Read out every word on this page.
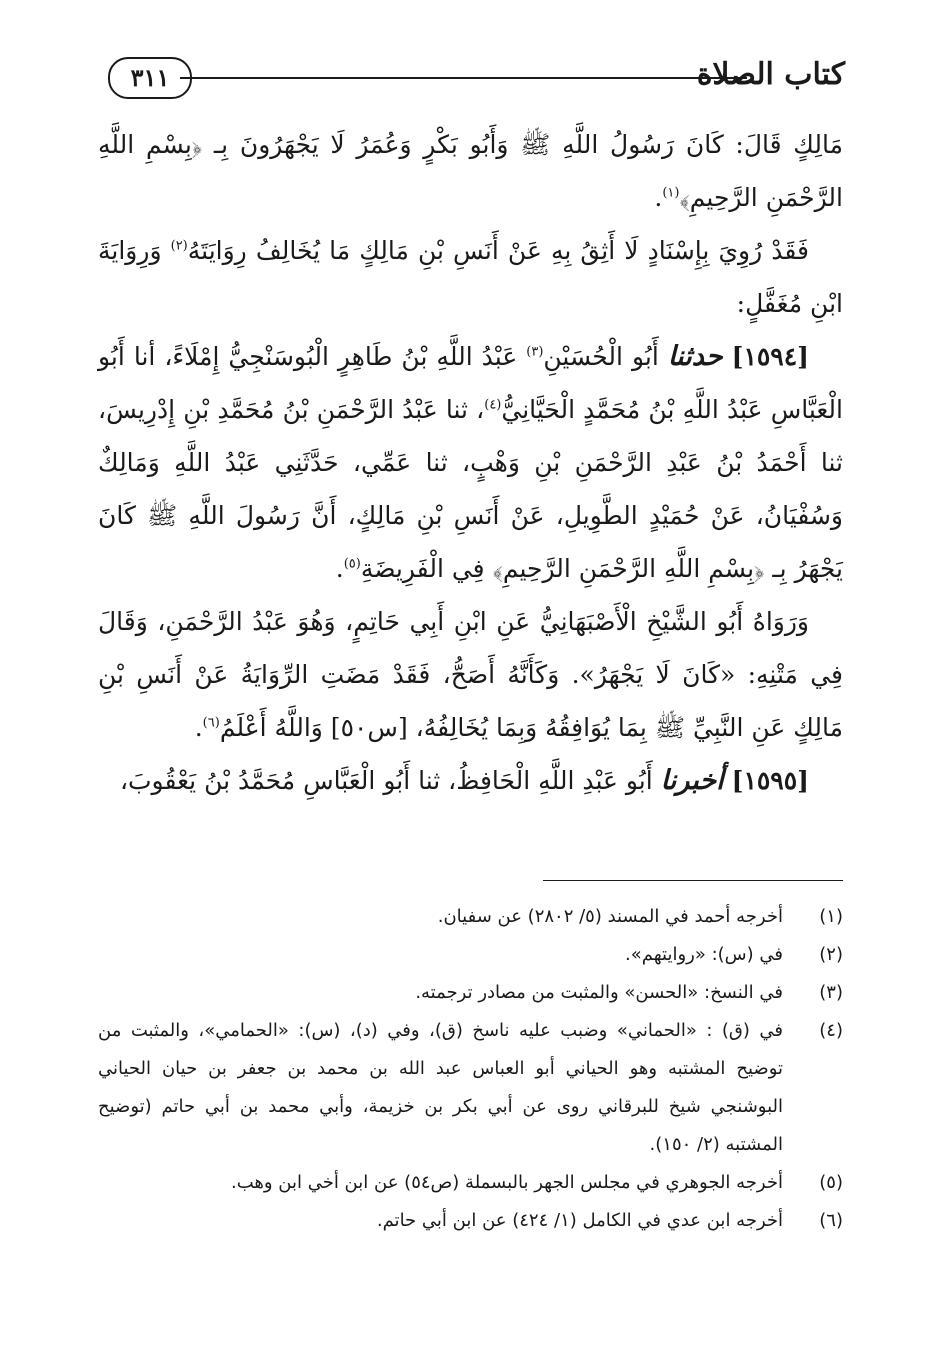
كتاب الصلاة
٣١١

مَالِكٍ قَالَ: كَانَ رَسُولُ اللَّهِ ﷺ وَأَبُو بَكْرٍ وَعُمَرُ لَا يَجْهَرُونَ بِـ ﴿بِسْمِ اللَّهِ الرَّحْمَنِ الرَّحِيمِ﴾$^{(١)}$.

فَقَدْ رُوِيَ بِإِسْنَادٍ لَا أَثِقُ بِهِ عَنْ أَنَسِ بْنِ مَالِكٍ مَا يُخَالِفُ رِوَايَتَهُ$^{(٢)}$ وَرِوَايَةَ ابْنِ مُغَفَّلٍ:

[١٥٩٤] حدثنا أَبُو الْحُسَيْنِ$^{(٣)}$ عَبْدُ اللَّهِ بْنُ طَاهِرٍ الْبُوسَنْجِيُّ إِمْلَاءً، أنا أَبُو الْعَبَّاسِ عَبْدُ اللَّهِ بْنُ مُحَمَّدٍ الْحَيَّانِيُّ$^{(٤)}$، ثنا عَبْدُ الرَّحْمَنِ بْنُ مُحَمَّدِ بْنِ إِدْرِيسَ، ثنا أَحْمَدُ بْنُ عَبْدِ الرَّحْمَنِ بْنِ وَهْبٍ، ثنا عَمِّي، حَدَّثَنِي عَبْدُ اللَّهِ وَمَالِكٌ وَسُفْيَانُ، عَنْ حُمَيْدٍ الطَّوِيلِ، عَنْ أَنَسِ بْنِ مَالِكٍ، أَنَّ رَسُولَ اللَّهِ ﷺ كَانَ يَجْهَرُ بِـ ﴿بِسْمِ اللَّهِ الرَّحْمَنِ الرَّحِيمِ﴾ فِي الْفَرِيضَةِ$^{(٥)}$.

وَرَوَاهُ أَبُو الشَّيْخِ الْأَصْبَهَانِيُّ عَنِ ابْنِ أَبِي حَاتِمٍ، وَهُوَ عَبْدُ الرَّحْمَنِ، وَقَالَ فِي مَتْنِهِ: «كَانَ لَا يَجْهَرُ». وَكَأَنَّهُ أَصَحُّ، فَقَدْ مَضَتِ الرِّوَايَةُ عَنْ أَنَسِ بْنِ مَالِكٍ عَنِ النَّبِيِّ ﷺ بِمَا يُوَافِقُهُ وَبِمَا يُخَالِفُهُ، [س٥٠] وَاللَّهُ أَعْلَمُ$^{(٦)}$.

[١٥٩٥] أخبرنا أَبُو عَبْدِ اللَّهِ الْحَافِظُ، ثنا أَبُو الْعَبَّاسِ مُحَمَّدُ بْنُ يَعْقُوبَ،

(١)
أخرجه أحمد في المسند (٥/ ٢٨٠٢) عن سفيان.
(٢)
في (س): «روايتهم».
(٣)
في النسخ: «الحسن» والمثبت من مصادر ترجمته.
(٤)
في (ق) : «الحماني» وضبب عليه ناسخ (ق)، وفي (د)، (س): «الحمامي»، والمثبت من توضيح المشتبه وهو الحياني أبو العباس عبد الله بن محمد بن جعفر بن حيان الحياني البوشنجي شيخ للبرقاني روى عن أبي بكر بن خزيمة، وأبي محمد بن أبي حاتم (توضيح المشتبه (٢/ ١٥٠).
(٥)
أخرجه الجوهري في مجلس الجهر بالبسملة (ص٥٤) عن ابن أخي ابن وهب.
(٦)
أخرجه ابن عدي في الكامل (١/ ٤٢٤) عن ابن أبي حاتم.
